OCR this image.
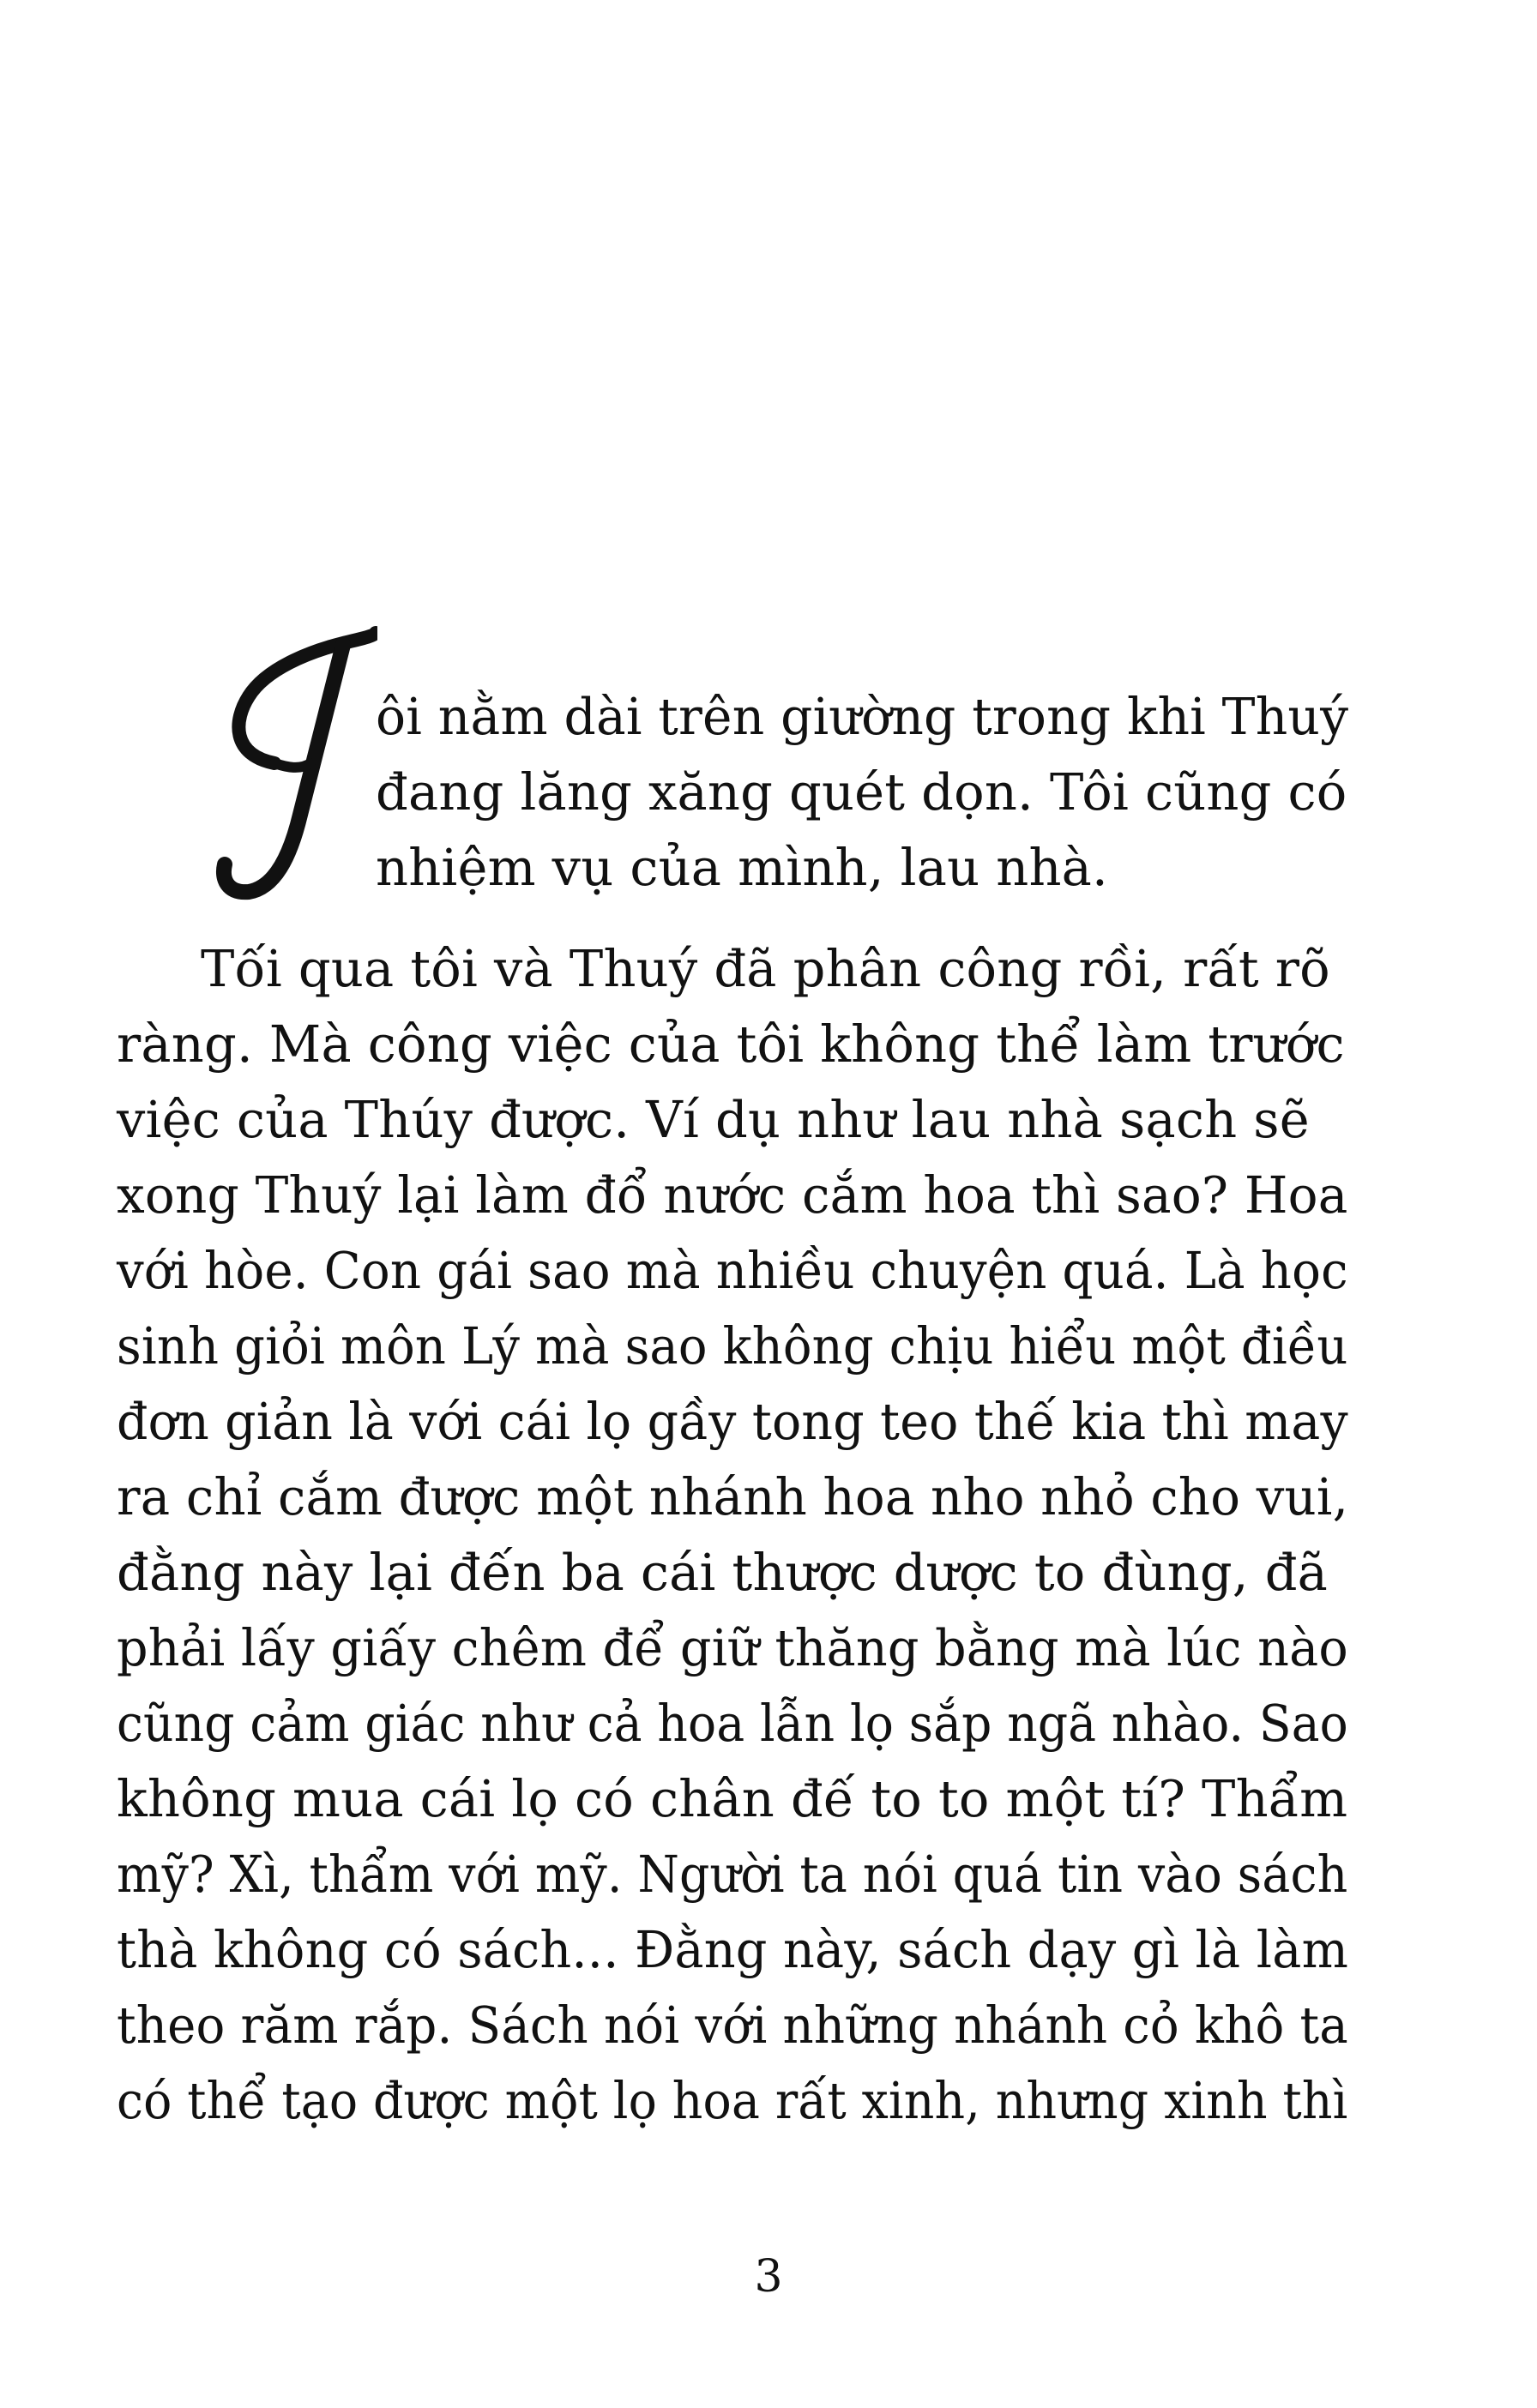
ôi nằm dài trên giường trong khi Thuý
đang lăng xăng quét dọn. Tôi cũng có
nhiệm vụ của mình, lau nhà.
Tối qua tôi và Thuý đã phân công rồi, rất rõ
ràng. Mà công việc của tôi không thể làm trước
việc của Thúy được. Ví dụ như lau nhà sạch sẽ
xong Thuý lại làm đổ nước cắm hoa thì sao? Hoa
với hòe. Con gái sao mà nhiều chuyện quá. Là học
sinh giỏi môn Lý mà sao không chịu hiểu một điều
đơn giản là với cái lọ gầy tong teo thế kia thì may
ra chỉ cắm được một nhánh hoa nho nhỏ cho vui,
đằng này lại đến ba cái thược dược to đùng, đã
phải lấy giấy chêm để giữ thăng bằng mà lúc nào
cũng cảm giác như cả hoa lẫn lọ sắp ngã nhào. Sao
không mua cái lọ có chân đế to to một tí? Thẩm
mỹ? Xì, thẩm với mỹ. Người ta nói quá tin vào sách
thà không có sách... Đằng này, sách dạy gì là làm
theo răm rắp. Sách nói với những nhánh cỏ khô ta
có thể tạo được một lọ hoa rất xinh, nhưng xinh thì
3
